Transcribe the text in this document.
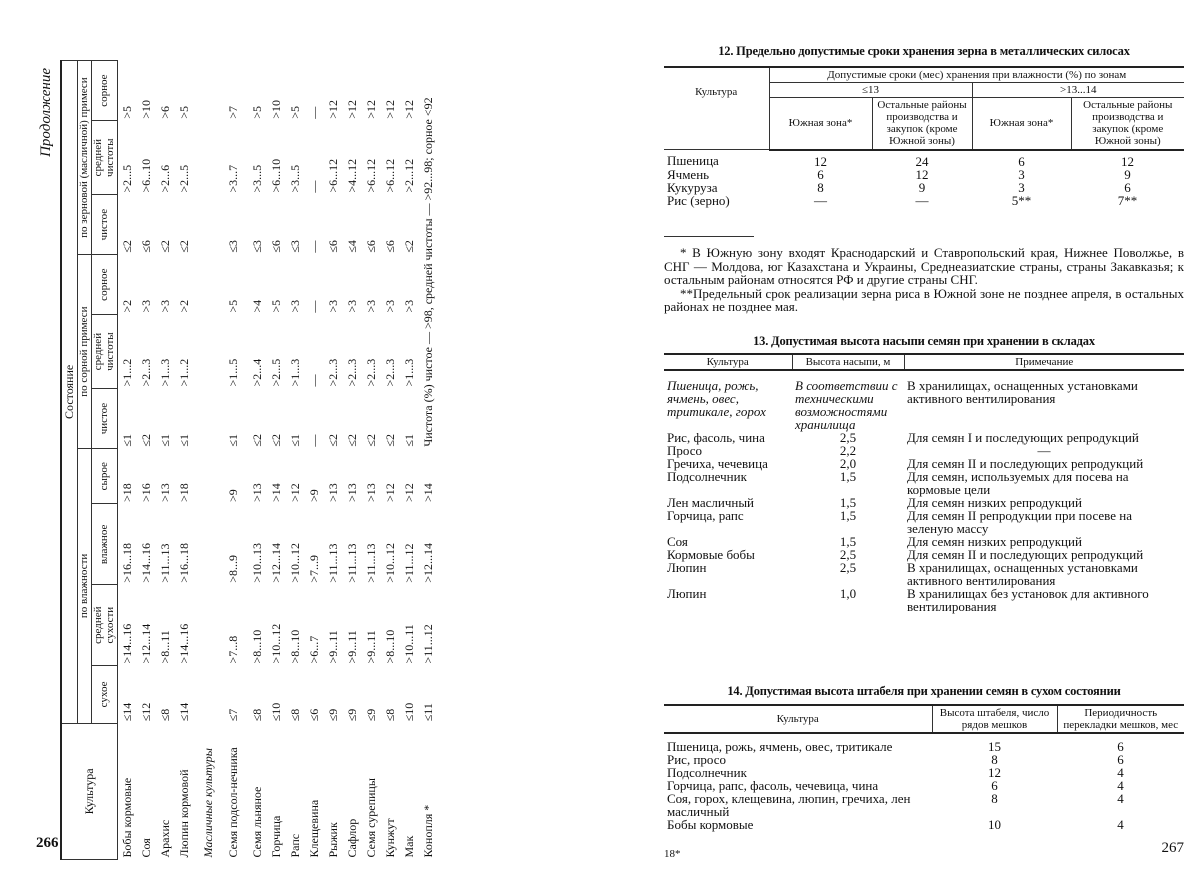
Продолжение
Культура	Состояние									
	по влажности				по сорной примеси			по зерновой (масличной) примеси		
	сухое	средней сухости	влажное	сырое	чистое	средней чистоты	сорное	чистое	средней чистоты	сорное
Бобы кормовые	≤14	>14...16	>16...18	>18	≤1	>1...2	>2	≤2	>2...5	>5
Соя	≤12	>12...14	>14...16	>16	≤2	>2...3	>3	≤6	>6...10	>10
Арахис	≤8	>8...11	>11...13	>13	≤1	>1...3	>3	≤2	>2...6	>6
Люпин кормовой	≤14	>14...16	>16...18	>18	≤1	>1...2	>2	≤2	>2...5	>5
Масличные культуры										
Семя подсол-нечника	≤7	>7...8	>8...9	>9	≤1	>1...5	>5	≤3	>3...7	>7
Семя льняное	≤8	>8...10	>10...13	>13	≤2	>2...4	>4	≤3	>3...5	>5
Горчица	≤10	>10...12	>12...14	>14	≤2	>2...5	>5	≤6	>6...10	>10
Рапс	≤8	>8...10	>10...12	>12	≤1	>1...3	>3	≤3	>3...5	>5
Клещевина	≤6	>6...7	>7...9	>9	—	—	—	—	—	—
Рыжик	≤9	>9...11	>11...13	>13	≤2	>2...3	>3	≤6	>6...12	>12
Сафлор	≤9	>9...11	>11...13	>13	≤2	>2...3	>3	≤4	>4...12	>12
Семя сурепицы	≤9	>9...11	>11...13	>13	≤2	>2...3	>3	≤6	>6...12	>12
Кунжут	≤8	>8...10	>10...12	>12	≤2	>2...3	>3	≤6	>6...12	>12
Мак	≤10	>10...11	>11...12	>12	≤1	>1...3	>3	≤2	>2...12	>12
Конопля *	≤11	>11...12	>12...14	>14	Чистота (%) чистое — >98, средней чистоты — >92...98; сорное <92					
266
12. Предельно допустимые сроки хранения зерна в металлических силосах
Культура	Допустимые сроки (мес) хранения при влажности (%) по зонам			
	≤13		>13...14	
	Южная зона*	Остальные районы производства и закупок (кроме Южной зоны)	Южная зона*	Остальные районы производства и закупок (кроме Южной зоны)
Пшеница	12	24	6	12
Ячмень	6	12	3	9
Кукуруза	8	9	3	6
Рис (зерно)	—	—	5**	7**

* В Южную зону входят Краснодарский и Ставропольский края, Нижнее Поволжье, в СНГ — Молдова, юг Казахстана и Украины, Среднеазиатские страны, страны Закавказья; к остальным районам относятся РФ и другие страны СНГ.

**Предельный срок реализации зерна риса в Южной зоне не позднее апреля, в остальных районах не позднее мая.

13. Допустимая высота насыпи семян при хранении в складах
Культура	Высота насыпи, м	Примечание
Пшеница, рожь, ячмень, овес, тритикале, горох	В соответствии с техническими возможностями хранилища	В хранилищах, оснащенных установками активного вентилирования
Рис, фасоль, чина	2,5	Для семян I и последующих репродукций
Просо	2,2	—
Гречиха, чечевица	2,0	Для семян II и последующих репродукций
Подсолнечник	1,5	Для семян, используемых для посева на кормовые цели
Лен масличный	1,5	Для семян низких репродукций
Горчица, рапс	1,5	Для семян II репродукции при посеве на зеленую массу
Соя	1,5	Для семян низких репродукций
Кормовые бобы	2,5	Для семян II и последующих репродукций
Люпин	2,5	В хранилищах, оснащенных установками активного вентилирования
Люпин	1,0	В хранилищах без установок для активного вентилирования
14. Допустимая высота штабеля при хранении семян в сухом состоянии
Культура	Высота штабеля, число рядов мешков	Периодичность перекладки мешков, мес
Пшеница, рожь, ячмень, овес, тритикале	15	6
Рис, просо	8	6
Подсолнечник	12	4
Горчица, рапс, фасоль, чечевица, чина	6	4
Соя, горох, клещевина, люпин, гречиха, лен масличный	8	4
Бобы кормовые	10	4
18*	267
